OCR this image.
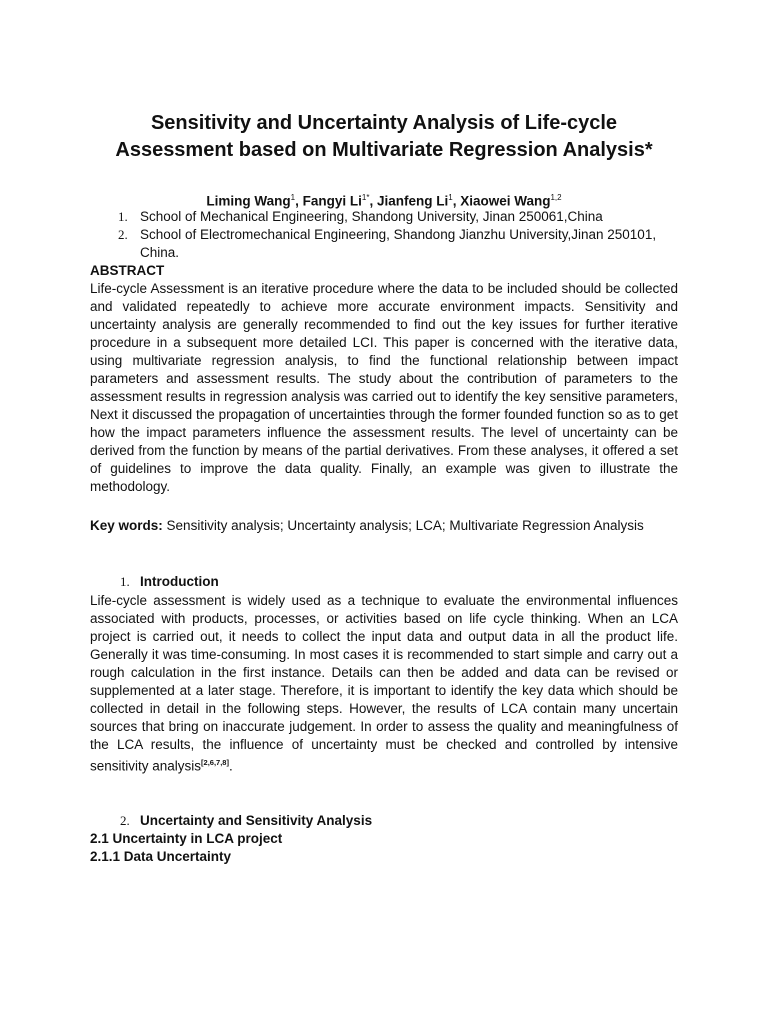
Sensitivity and Uncertainty Analysis of Life-cycle Assessment based on Multivariate Regression Analysis*
Liming Wang$^1$, Fangyi $Li^{1*}$, Jianfeng Li$^1$, Xiaowei Wang$^{1,2}$
1. School of Mechanical Engineering, Shandong University, Jinan 250061,China
2. School of Electromechanical Engineering, Shandong Jianzhu University,Jinan 250101, China.
ABSTRACT
Life-cycle Assessment is an iterative procedure where the data to be included should be collected and validated repeatedly to achieve more accurate environment impacts. Sensitivity and uncertainty analysis are generally recommended to find out the key issues for further iterative procedure in a subsequent more detailed LCI. This paper is concerned with the iterative data, using multivariate regression analysis, to find the functional relationship between impact parameters and assessment results. The study about the contribution of parameters to the assessment results in regression analysis was carried out to identify the key sensitive parameters, Next it discussed the propagation of uncertainties through the former founded function so as to get how the impact parameters influence the assessment results. The level of uncertainty can be derived from the function by means of the partial derivatives. From these analyses, it offered a set of guidelines to improve the data quality. Finally, an example was given to illustrate the methodology.
Key words: Sensitivity analysis; Uncertainty analysis; LCA; Multivariate Regression Analysis
1. Introduction
Life-cycle assessment is widely used as a technique to evaluate the environmental influences associated with products, processes, or activities based on life cycle thinking. When an LCA project is carried out, it needs to collect the input data and output data in all the product life. Generally it was time-consuming. In most cases it is recommended to start simple and carry out a rough calculation in the first instance. Details can then be added and data can be revised or supplemented at a later stage. Therefore, it is important to identify the key data which should be collected in detail in the following steps. However, the results of LCA contain many uncertain sources that bring on inaccurate judgement. In order to assess the quality and meaningfulness of the LCA results, the influence of uncertainty must be checked and controlled by intensive sensitivity analysis[2,6,7,8].
2. Uncertainty and Sensitivity Analysis
2.1 Uncertainty in LCA project
2.1.1 Data Uncertainty
